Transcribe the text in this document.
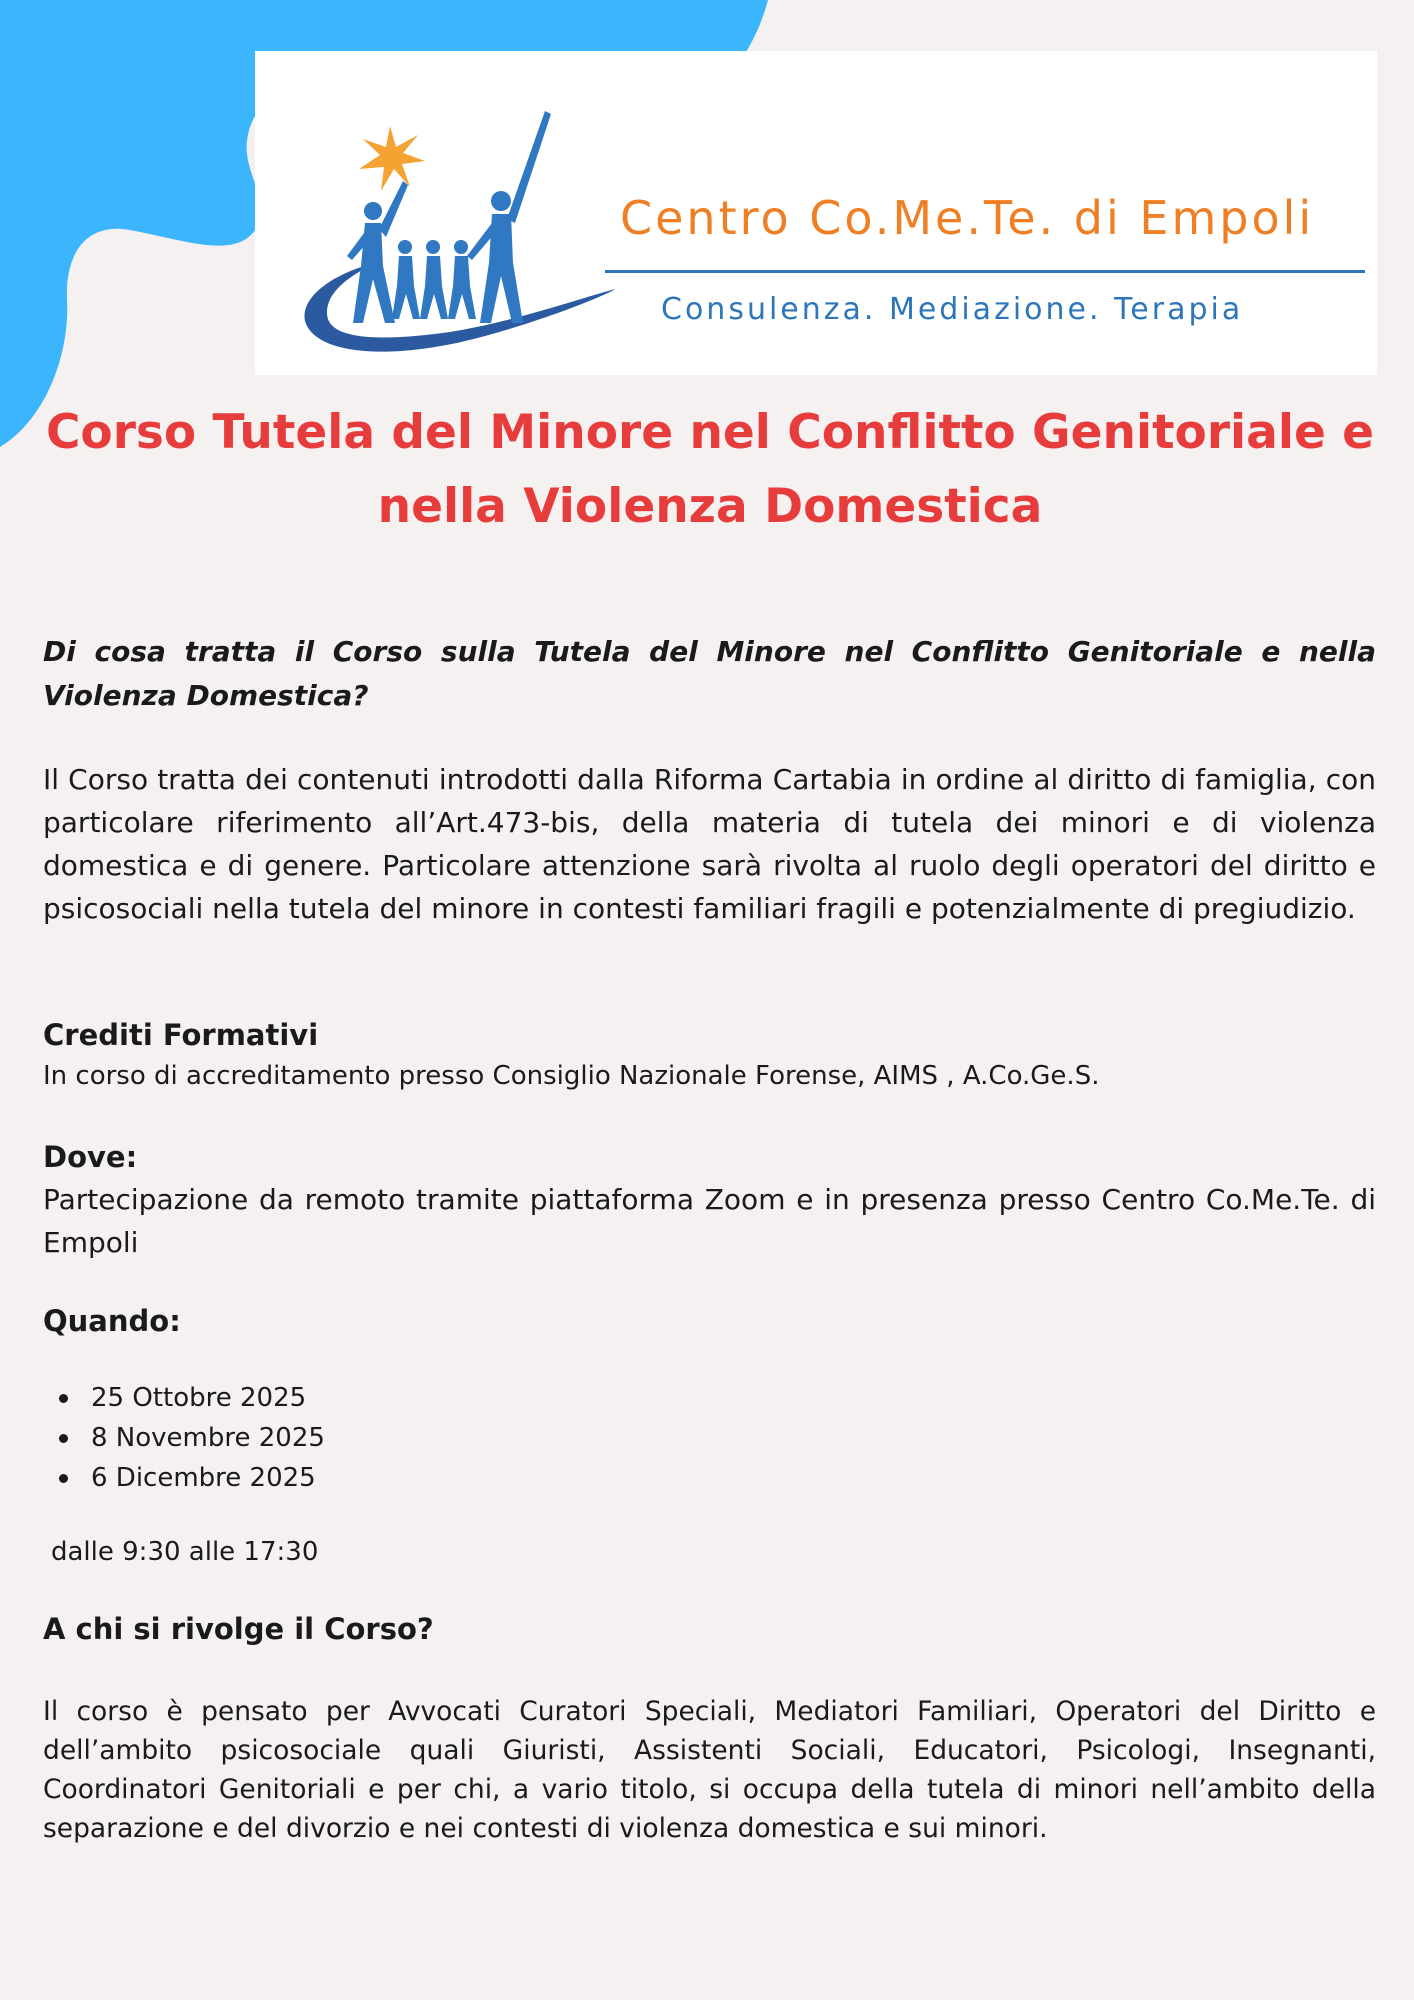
Centro Co.Me.Te. di Empoli
Consulenza. Mediazione. Terapia
Corso Tutela del Minore nel Conflitto Genitoriale e nella Violenza Domestica

Di cosa tratta il Corso sulla Tutela del Minore nel Conflitto Genitoriale e nella Violenza Domestica?

Il Corso tratta dei contenuti introdotti dalla Riforma Cartabia in ordine al diritto di famiglia, con particolare riferimento all’Art.473-bis, della materia di tutela dei minori e di violenza domestica e di genere. Particolare attenzione sarà rivolta al ruolo degli operatori del diritto e psicosociali nella tutela del minore in contesti familiari fragili e potenzialmente di pregiudizio.

Crediti Formativi

In corso di accreditamento presso Consiglio Nazionale Forense, AIMS , A.Co.Ge.S.

Dove:

Partecipazione da remoto tramite piattaforma Zoom e in presenza presso Centro Co.Me.Te. di Empoli

Quando:
25 Ottobre 2025
8 Novembre 2025
6 Dicembre 2025

dalle 9:30 alle 17:30

A chi si rivolge il Corso?

Il corso è pensato per Avvocati Curatori Speciali, Mediatori Familiari, Operatori del Diritto e dell’ambito psicosociale quali Giuristi, Assistenti Sociali, Educatori, Psicologi, Insegnanti, Coordinatori Genitoriali e per chi, a vario titolo, si occupa della tutela di minori nell’ambito della separazione e del divorzio e nei contesti di violenza domestica e sui minori.
